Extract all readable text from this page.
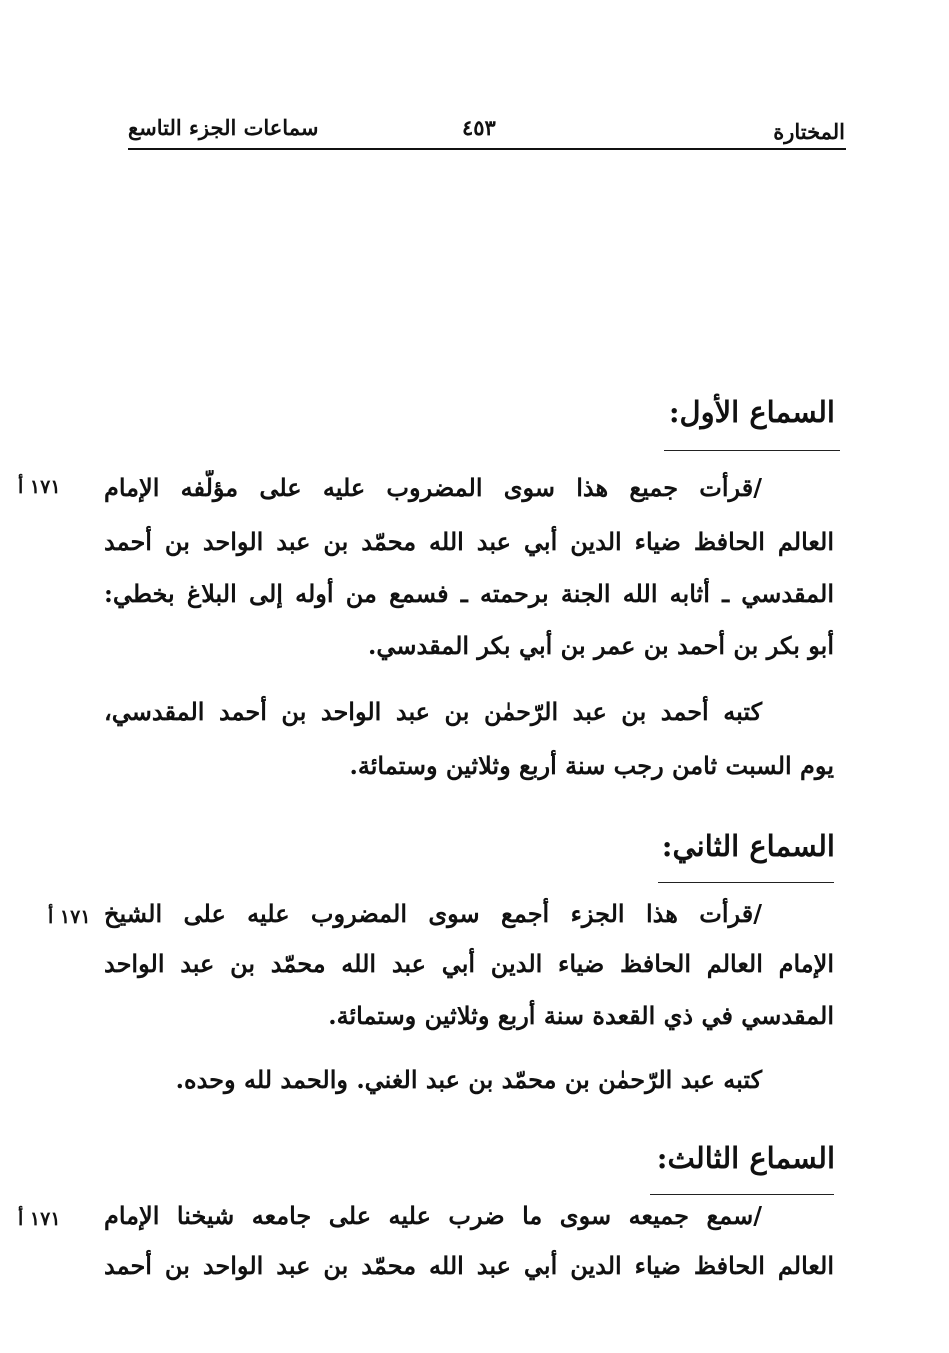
المختارة
٤٥٣
سماعات الجزء التاسع
السماع الأول:
١٧١ أ /قرأت جميع هذا سوى المضروب عليه على مؤلّفه الإمام
العالم الحافظ ضياء الدين أبي عبد الله محمّد بن عبد الواحد بن أحمد
المقدسي ـ أثابه الله الجنة برحمته ـ فسمع من أوله إلى البلاغ بخطي:
أبو بكر بن أحمد بن عمر بن أبي بكر المقدسي.
كتبه أحمد بن عبد الرّحمٰن بن عبد الواحد بن أحمد المقدسي،
يوم السبت ثامن رجب سنة أربع وثلاثين وستمائة.
السماع الثاني:
١٧١ أ /قرأت هذا الجزء أجمع سوى المضروب عليه على الشيخ
الإمام العالم الحافظ ضياء الدين أبي عبد الله محمّد بن عبد الواحد
المقدسي في ذي القعدة سنة أربع وثلاثين وستمائة.
كتبه عبد الرّحمٰن بن محمّد بن عبد الغني. والحمد لله وحده.
السماع الثالث:
١٧١ أ /سمع جميعه سوى ما ضرب عليه على جامعه شيخنا الإمام
العالم الحافظ ضياء الدين أبي عبد الله محمّد بن عبد الواحد بن أحمد
